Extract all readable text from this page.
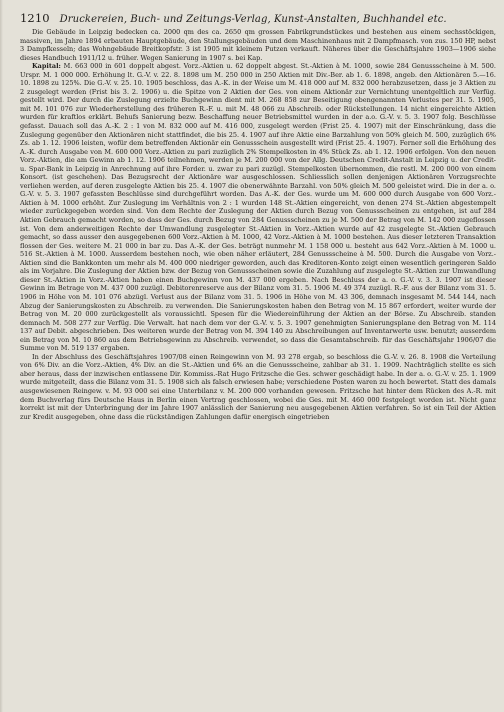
1210 Druckereien, Buch- und Zeitungs-Verlag, Kunst-Anstalten, Buchhandel etc.

Die Gebäude in Leipzig bedecken ca. 2000 qm des ca. 2650 qm grossen Fabrikgrundstückes und bestehen aus einem sechsstöckigen, massiven, im Jahre 1894 erbauten Hauptgebäude, den Stallungsgebäuden und dem Maschinenhaus mit 2 Dampfmasch. von zus. 150 HP, nebst 3 Dampfkesseln; das Wohngebäude Breitkopfstr. 3 ist 1905 mit kleinem Putzen verkauft. Näheres über die Geschäftsjahre 1903—1906 siehe dieses Handbuch 1911/12 u. früher. Wegen Sanierung in 1907 s. bei Kap.

Kapital: M. 663 000 in 601 doppelt abgest. Vorz.-Aktien u. 62 doppelt abgest. St.-Aktien à M. 1000, sowie 284 Genussscheine à M. 500. Urspr. M. 1 000 000. Erhöhung lt. G.-V. v. 22. 8. 1898 um M. 250 000 in 250 Aktien mit Div.-Ber. ab 1. 6. 1898, angeb. den Aktionären 5.—16. 10. 1898 zu 125%. Die G.-V. v. 25. 10. 1905 beschloss, das A.-K. in der Weise um M. 418 000 auf M. 832 000 herabzusetzen, dass je 3 Aktien zu 2 zusgelegt werden (Frist bis 3. 2. 1906) u. die Spitze von 2 Aktien der Ges. von einem Aktionär zur Vernichtung unentgeltlich zur Verfüg. gestellt wird. Der durch die Zuslegung erzielte Buchgewinn dient mit M. 268 858 zur Beseitigung obengenannten Verlustes per 31. 5. 1905, mit M. 101 076 zur Wiederherstellung des früheren R.-F. u. mit M. 48 066 zu Abschreib. oder Rückstellungen. 14 nicht eingereichte Aktien wurden für kraftlos erklärt. Behufs Sanierung bezw. Beschaffung neuer Betriebsmittel wurden in der a.o. G.-V. v. 5. 3. 1907 folg. Beschlüsse gefasst. Dauach soll das A.-K. 2 : 1 von M. 832 000 auf M. 416 000, zusgelegt werden (Frist 25. 4. 1907) mit der Einschränkung, dass die Zuslegung gegenüber den Aktionären nicht stattfindet, die bis 25. 4. 1907 auf ihre Aktie eine Barzahlung von 50% gleich M. 500, zuzüglich 6% Zs. ab 1. 12. 1906 leisten, wofür dem betreffenden Aktionär ein Genussschein ausgestellt wird (Frist 25. 4. 1907). Ferner soll die Erhöhung des A.-K. durch Ausgabe von M. 600 000 Vorz.-Aktien zu pari zuzüglich 2% Stempelkosten in 4% Stück Zs. ab 1. 12. 1906 erfolgen. Von den neuen Vorz.-Aktien, die am Gewinn ab 1. 12. 1906 teilnehmen, werden je M. 200 000 von der Allg. Deutschen Credit-Anstalt in Leipzig u. der Credit- u. Spar-Bank in Leipzig in Anrechnung auf ihre Forder. u. zwar zu pari zuzügl. Stempelkosten übernommen, die restl. M. 200 000 von einem Konsort. (ist geschehen). Das Bezugsrecht der Aktionäre war ausgeschlossen. Schliesslich sollen denjenigen Aktionären Vorzugsrechte verliehen werden, auf deren zusgelegte Aktien bis 25. 4. 1907 die obenerwähnte Barzahl. von 50% gleich M. 500 geleistet wird. Die in der a. o. G.-V. v. 5. 3. 1907 gefassten Beschlüsse sind durchgeführt worden. Das A.-K. der Ges. wurde um M. 600 000 durch Ausgabe von 600 Vorz.-Aktien à M. 1000 erhöht. Zur Zuslegung im Verhältnis von 2 : 1 wurden 148 St.-Aktien eingereicht, von denen 274 St.-Aktien abgestempelt wieder zurückgegeben worden sind. Von dem Rechte der Zuslegung der Aktien durch Bezug von Genussscheinen zu entgehen, ist auf 284 Aktien Gebrauch gemacht worden, so dass der Ges. durch Bezug von 284 Genussscheinen zu je M. 500 der Betrag von M. 142 000 zugeflossen ist. Von dem anderweitigen Rechte der Umwandlung zusgelegter St.-Aktien in Vorz.-Aktien wurde auf 42 zusgelegte St.-Aktien Gebrauch gemacht, so dass ausser den ausgegebenen 600 Vorz.-Aktien à M. 1000, 42 Vorz.-Aktien à M. 1000 bestehen. Aus dieser letzteren Transaktion flossen der Ges. weitere M. 21 000 in bar zu. Das A.-K. der Ges. beträgt nunmehr M. 1 158 000 u. besteht aus 642 Vorz.-Aktien à M. 1000 u. 516 St.-Aktien à M. 1000. Ausserdem bestehen noch, wie oben näher erläutert, 284 Genussscheine à M. 500. Durch die Ausgabe von Vorz.-Aktien sind die Bankkonten um mehr als M. 400 000 niedriger geworden, auch das Kreditoren-Konto zeigt einen wesentlich geringeren Saldo als im Vorjahre. Die Zuslegung der Aktien bzw. der Bezug von Genussscheinen sowie die Zuzahlung auf zusgelegte St.-Aktien zur Umwandlung dieser St.-Aktien in Vorz.-Aktien haben einen Buchgewinn von M. 437 000 ergeben. Nach Beschluss der a. o. G.-V. v. 3. 3. 1907 ist dieser Gewinn im Betrage von M. 437 000 zuzügl. Debitorenreserve aus der Bilanz vom 31. 5. 1906 M. 49 374 zuzügl. R.-F. aus der Bilanz vom 31. 5. 1906 in Höhe von M. 101 076 abzügl. Verlust aus der Bilanz vom 31. 5. 1906 in Höhe von M. 43 306, demnach insgesamt M. 544 144, nach Abzug der Sanierungskosten zu Abschreib. zu verwenden. Die Sanierungskosten haben den Betrag von M. 15 867 erfordert, weiter wurde der Betrag von M. 20 000 zurückgestellt als voraussichtl. Spesen für die Wiedereinführung der Aktien an der Börse. Zu Abschreib. standen demnach M. 508 277 zur Verfüg. Die Verwalt. hat nach dem vor der G.-V. v. 5. 3. 1907 genehmigten Sanierungsplane den Betrag von M. 114 137 auf Debit. abgeschrieben. Des weiteren wurde der Betrag von M. 394 140 zu Abschreibungen auf Inventarwerte usw. benutzt; ausserdem ein Betrag von M. 10 860 aus dem Betriebsgewinn zu Abschreib. verwendet, so dass die Gesamtabschreib. für das Geschäftsjahr 1906/07 die Summe von M. 519 137 ergaben.

In der Abschluss des Geschäftsjahres 1907/08 einen Reingewinn von M. 93 278 ergab, so beschloss die G.-V. v. 26. 8. 1908 die Verteilung von 6% Div. an die Vorz.-Aktien, 4% Div. an die St.-Aktien und 6% an die Genussscheine, zahlbar ab 31. 1. 1909. Nachträglich stellte es sich aber heraus, dass der inzwischen entlassene Dir. Kommiss.-Rat Hugo Fritzsche die Ges. schwer geschädigt habe. In der a. o. G.-V. v. 25. 1. 1909 wurde mitgeteilt, dass die Bilanz vom 31. 5. 1908 sich als falsch erwiesen habe; verschiedene Posten waren zu hoch bewertet. Statt des damals ausgewiesenen Reingew. v. M. 93 000 sei eine Unterbilanz v. M. 200 000 vorhanden gewesen. Fritzsche hat hinter dem Rücken des A.-R. mit dem Buchverlag fürs Deutsche Haus in Berlin einen Vertrag geschlossen, wobei die Ges. mit M. 460 000 festgelegt worden ist. Nicht ganz korrekt ist mit der Unterbringung der im Jahre 1907 anlässlich der Sanierung neu ausgegebenen Aktien verfahren. So ist ein Teil der Aktien zur Kredit ausgegeben, ohne dass die rückständigen Zahlungen dafür energisch eingetrieben
